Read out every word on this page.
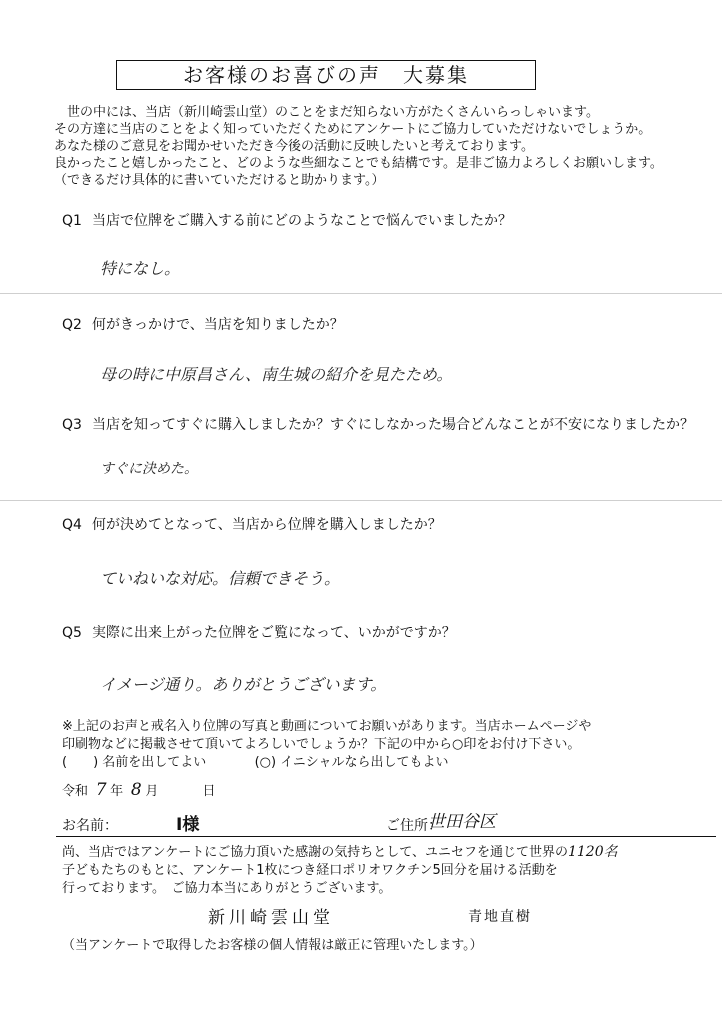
お客様のお喜びの声　大募集
　世の中には、当店（新川崎雲山堂）のことをまだ知らない方がたくさんいらっしゃいます。
その方達に当店のことをよく知っていただくためにアンケートにご協力していただけないでしょうか。
あなた様のご意見をお聞かせいただき今後の活動に反映したいと考えております。
良かったこと嬉しかったこと、どのような些細なことでも結構です。是非ご協力よろしくお願いします。
（できるだけ具体的に書いていただけると助かります。）
Q1 当店で位牌をご購入する前にどのようなことで悩んでいましたか？
特になし。
Q2 何がきっかけで、当店を知りましたか？
母の時に中原昌さん、南生城の紹介を見たため。
Q3 当店を知ってすぐに購入しましたか？すぐにしなかった場合どんなことが不安になりましたか？
すぐに決めた。
Q4 何が決めてとなって、当店から位牌を購入しましたか？
ていねいな対応。信頼できそう。
Q5 実際に出来上がった位牌をご覧になって、いかがですか？
イメージ通り。ありがとうございます。
※上記のお声と戒名入り位牌の写真と動画についてお願いがあります。当店ホームページや
印刷物などに掲載させて頂いてよろしいでしょうか？下記の中から○印をお付け下さい。
(　　) 名前を出してよい	(○) イニシャルなら出してもよい
令和 7 年 8 月	日
お名前：	I様	ご住所：
世田谷区
尚、当店ではアンケートにご協力頂いた感謝の気持ちとして、ユニセフを通じて世界の1120名
子どもたちのもとに、アンケート1枚につき経口ポリオワクチン5回分を届ける活動を
行っております。　ご協力本当にありがとうございます。
新川崎雲山堂	青地直樹
（当アンケートで取得したお客様の個人情報は厳正に管理いたします。）
